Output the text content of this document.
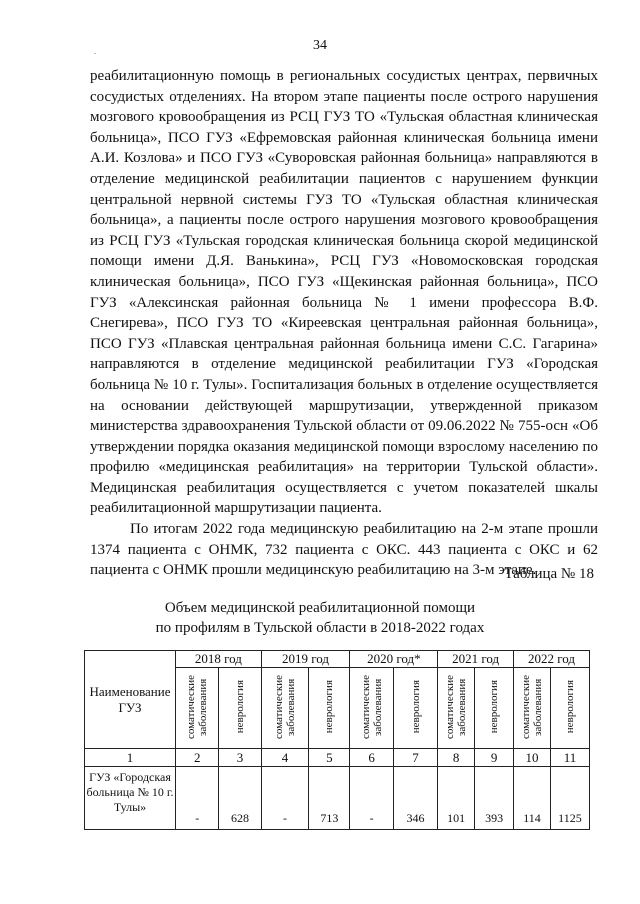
34
.

реабилитационную помощь в региональных сосудистых центрах, первичных сосудистых отделениях. На втором этапе пациенты после острого нарушения мозгового кровообращения из РСЦ ГУЗ ТО «Тульская областная клиническая больница», ПСО ГУЗ «Ефремовская районная клиническая больница имени А.И. Козлова» и ПСО ГУЗ «Суворовская районная больница» направляются в отделение медицинской реабилитации пациентов с нарушением функции центральной нервной системы ГУЗ ТО «Тульская областная клиническая больница», а пациенты после острого нарушения мозгового кровообращения из РСЦ ГУЗ «Тульская городская клиническая больница скорой медицинской помощи имени Д.Я. Ванькина», РСЦ ГУЗ «Новомосковская городская клиническая больница», ПСО ГУЗ «Щекинская районная больница», ПСО ГУЗ «Алексинская районная больница № 1 имени профессора В.Ф. Снегирева», ПСО ГУЗ ТО «Киреевская центральная районная больница», ПСО ГУЗ «Плавская центральная районная больница имени С.С. Гагарина» направляются в отделение медицинской реабилитации ГУЗ «Городская больница № 10 г. Тулы». Госпитализация больных в отделение осуществляется на основании действующей маршрутизации, утвержденной приказом министерства здравоохранения Тульской области от 09.06.2022 № 755-осн «Об утверждении порядка оказания медицинской помощи взрослому населению по профилю «медицинская реабилитация» на территории Тульской области». Медицинская реабилитация осуществляется с учетом показателей шкалы реабилитационной маршрутизации пациента.

По итогам 2022 года медицинскую реабилитацию на 2-м этапе прошли 1374 пациента с ОНМК, 732 пациента с ОКС. 443 пациента с ОКС и 62 пациента с ОНМК прошли медицинскую реабилитацию на 3-м этапе.

Таблица № 18
Объем медицинской реабилитационной помощи
по профилям в Тульской области в 2018-2022 годах
Наименование ГУЗ	2018 год		2019 год		2020 год*		2021 год		2022 год	
	соматические заболевания	неврология	соматические заболевания	неврология	соматические заболевания	неврология	соматические заболевания	неврология	соматические заболевания	неврология
1	2	3	4	5	6	7	8	9	10	11
ГУЗ «Городская больница № 10 г. Тулы»	-	628	-	713	-	346	101	393	114	1125
